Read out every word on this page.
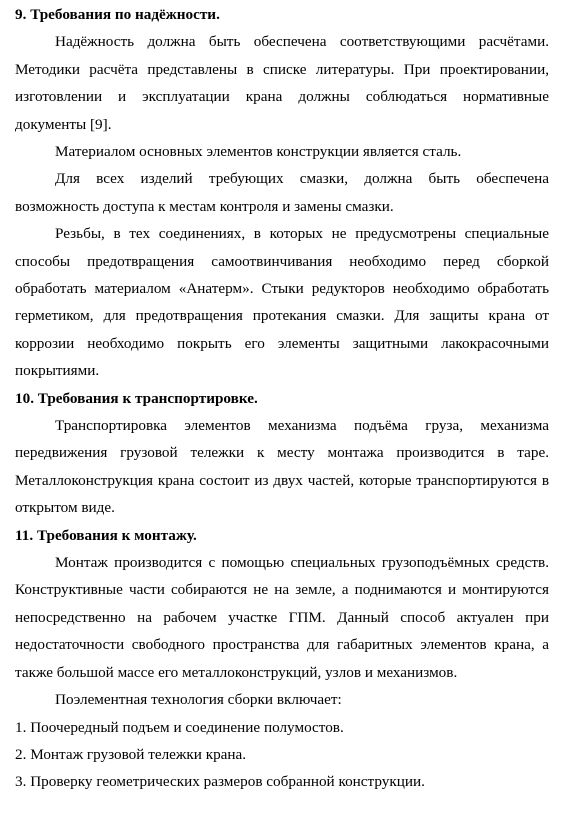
9. Требования по надёжности.

Надёжность должна быть обеспечена соответствующими расчётами. Методики расчёта представлены в списке литературы. При проектировании, изготовлении и эксплуатации крана должны соблюдаться нормативные документы [9].

Материалом основных элементов конструкции является сталь.

Для всех изделий требующих смазки, должна быть обеспечена возможность доступа к местам контроля и замены смазки.

Резьбы, в тех соединениях, в которых не предусмотрены специальные способы предотвращения самоотвинчивания необходимо перед сборкой обработать материалом «Анатерм». Стыки редукторов необходимо обработать герметиком, для предотвращения протекания смазки. Для защиты крана от коррозии необходимо покрыть его элементы защитными лакокрасочными покрытиями.

10. Требования к транспортировке.

Транспортировка элементов механизма подъёма груза, механизма передвижения грузовой тележки к месту монтажа производится в таре. Металлоконструкция крана состоит из двух частей, которые транспортируются в открытом виде.

11. Требования к монтажу.

Монтаж производится с помощью специальных грузоподъёмных средств. Конструктивные части собираются не на земле, а поднимаются и монтируются непосредственно на рабочем участке ГПМ. Данный способ актуален при недостаточности свободного пространства для габаритных элементов крана, а также большой массе его металлоконструкций, узлов и механизмов.

Поэлементная технология сборки включает:

1. Поочередный подъем и соединение полумостов.
2. Монтаж грузовой тележки крана.
3. Проверку геометрических размеров собранной конструкции.
